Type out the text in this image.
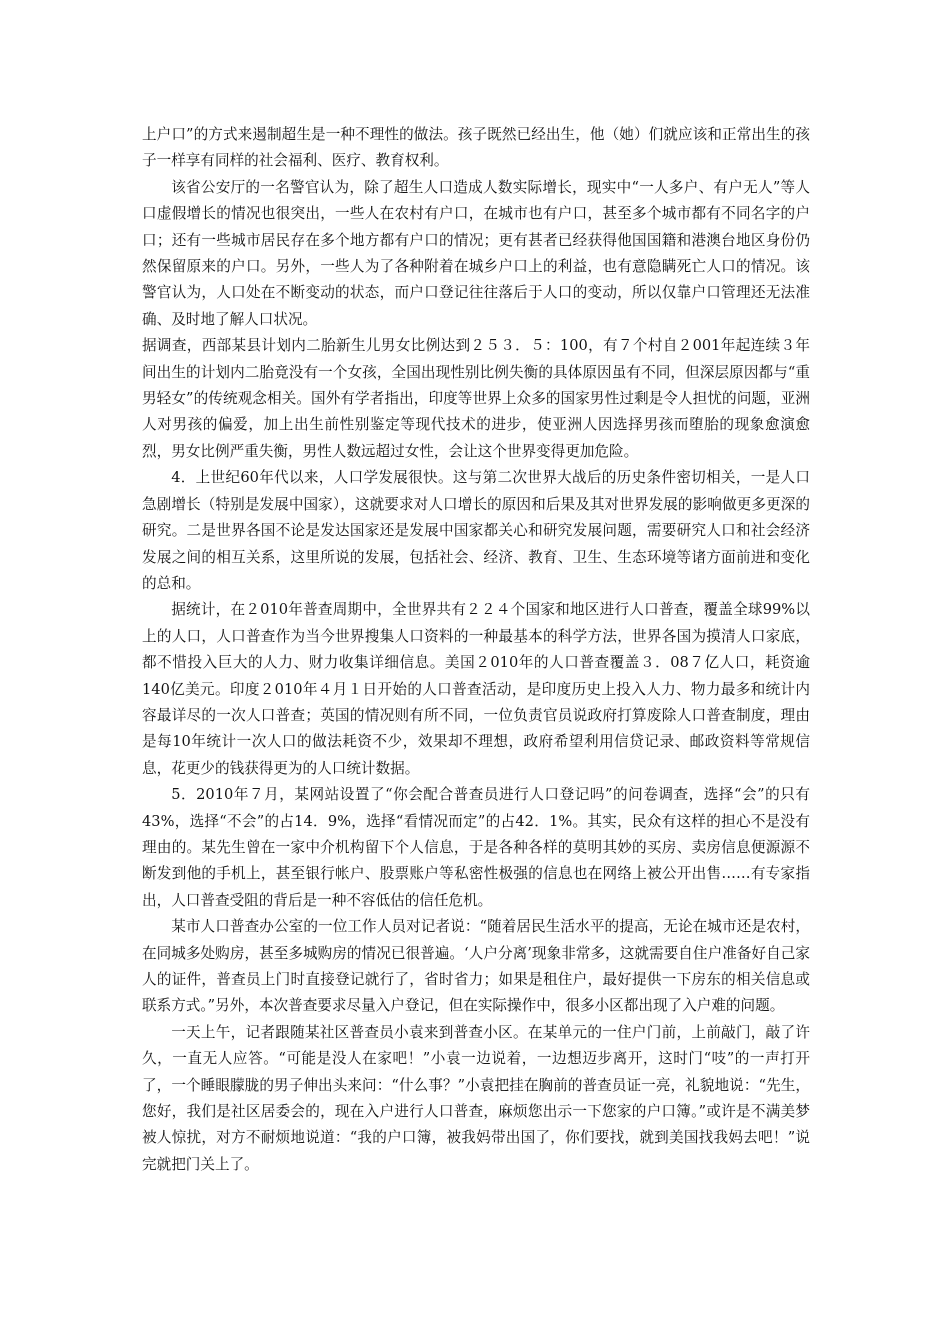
上户口”的方式来遏制超生是一种不理性的做法。孩子既然已经出生，他（她）们就应该和正常出生的孩子一样享有同样的社会福利、医疗、教育权利。

该省公安厅的一名警官认为，除了超生人口造成人数实际增长，现实中“一人多户、有户无人”等人口虚假增长的情况也很突出，一些人在农村有户口，在城市也有户口，甚至多个城市都有不同名字的户口；还有一些城市居民存在多个地方都有户口的情况；更有甚者已经获得他国国籍和港澳台地区身份仍然保留原来的户口。另外，一些人为了各种附着在城乡户口上的利益，也有意隐瞒死亡人口的情况。该警官认为，人口处在不断变动的状态，而户口登记往往落后于人口的变动，所以仅靠户口管理还无法准确、及时地了解人口状况。

据调查，西部某县计划内二胎新生儿男女比例达到２５３．５：100，有７个村自２001年起连续３年间出生的计划内二胎竟没有一个女孩，全国出现性别比例失衡的具体原因虽有不同，但深层原因都与“重男轻女”的传统观念相关。国外有学者指出，印度等世界上众多的国家男性过剩是令人担忧的问题，亚洲人对男孩的偏爱，加上出生前性别鉴定等现代技术的进步，使亚洲人因选择男孩而堕胎的现象愈演愈烈，男女比例严重失衡，男性人数远超过女性，会让这个世界变得更加危险。

4．上世纪60年代以来，人口学发展很快。这与第二次世界大战后的历史条件密切相关，一是人口急剧增长（特别是发展中国家），这就要求对人口增长的原因和后果及其对世界发展的影响做更多更深的研究。二是世界各国不论是发达国家还是发展中国家都关心和研究发展问题，需要研究人口和社会经济发展之间的相互关系，这里所说的发展，包括社会、经济、教育、卫生、生态环境等诸方面前进和变化的总和。

据统计，在２010年普查周期中，全世界共有２２４个国家和地区进行人口普查，覆盖全球99%以上的人口，人口普查作为当今世界搜集人口资料的一种最基本的科学方法，世界各国为摸清人口家底，都不惜投入巨大的人力、财力收集详细信息。美国２010年的人口普查覆盖３．08７亿人口，耗资逾140亿美元。印度２010年４月１日开始的人口普查活动，是印度历史上投入人力、物力最多和统计内容最详尽的一次人口普查；英国的情况则有所不同，一位负责官员说政府打算废除人口普查制度，理由是每10年统计一次人口的做法耗资不少，效果却不理想，政府希望利用信贷记录、邮政资料等常规信息，花更少的钱获得更为的人口统计数据。

5．2010年７月，某网站设置了“你会配合普查员进行人口登记吗”的问卷调查，选择“会”的只有43%，选择“不会”的占14．9%，选择“看情况而定”的占42．1%。其实，民众有这样的担心不是没有理由的。某先生曾在一家中介机构留下个人信息，于是各种各样的莫明其妙的买房、卖房信息便源源不断发到他的手机上，甚至银行帐户、股票账户等私密性极强的信息也在网络上被公开出售……有专家指出，人口普查受阻的背后是一种不容低估的信任危机。

某市人口普查办公室的一位工作人员对记者说：“随着居民生活水平的提高，无论在城市还是农村，在同城多处购房，甚至多城购房的情况已很普遍。‘人户分离’现象非常多，这就需要自住户准备好自己家人的证件，普查员上门时直接登记就行了，省时省力；如果是租住户，最好提供一下房东的相关信息或联系方式。”另外，本次普查要求尽量入户登记，但在实际操作中，很多小区都出现了入户难的问题。

一天上午，记者跟随某社区普查员小袁来到普查小区。在某单元的一住户门前，上前敲门，敲了许久，一直无人应答。“可能是没人在家吧！”小袁一边说着，一边想迈步离开，这时门“吱”的一声打开了，一个睡眼朦胧的男子伸出头来问：“什么事？”小袁把挂在胸前的普查员证一亮，礼貌地说：“先生，您好，我们是社区居委会的，现在入户进行人口普查，麻烦您出示一下您家的户口簿。”或许是不满美梦被人惊扰，对方不耐烦地说道：“我的户口簿，被我妈带出国了，你们要找，就到美国找我妈去吧！”说完就把门关上了。
